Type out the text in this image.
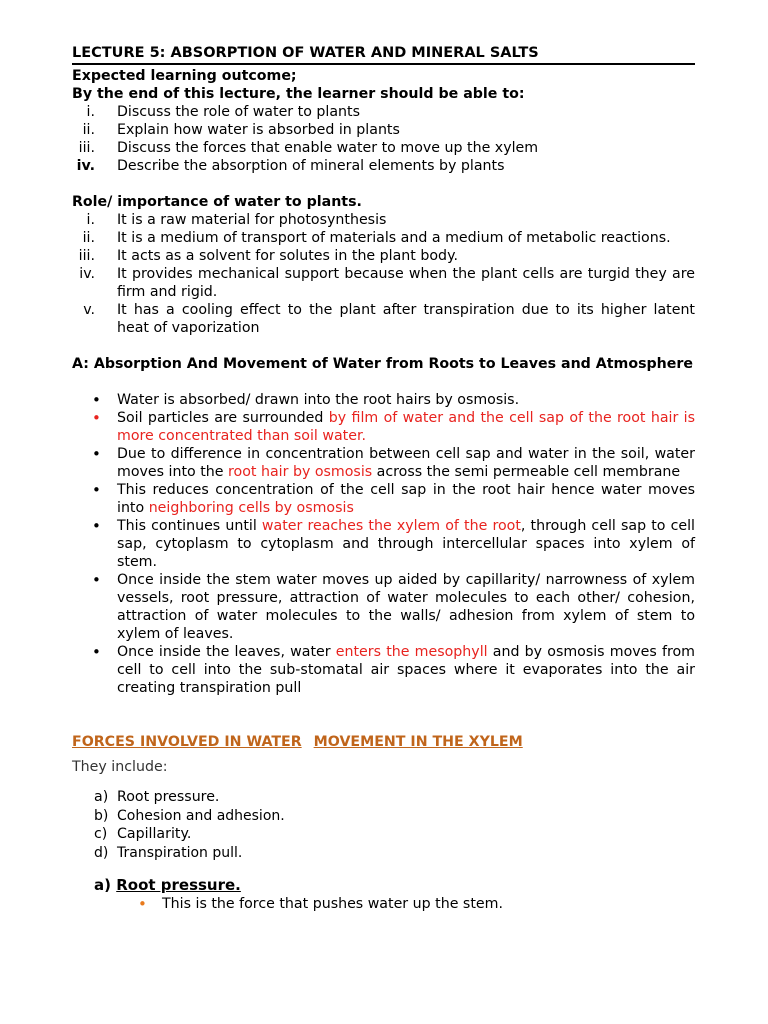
LECTURE 5: ABSORPTION OF WATER AND MINERAL SALTS
Expected learning outcome;
By the end of this lecture, the learner should be able to:
i. Discuss the role of water to plants
ii. Explain how water is absorbed in plants
iii. Discuss the forces that enable water to move up the xylem
iv. Describe the absorption of mineral elements by plants
Role/ importance of water to plants.
i. It is a raw material for photosynthesis
ii. It is a medium of transport of materials and a medium of metabolic reactions.
iii. It acts as a solvent for solutes in the plant body.
iv. It provides mechanical support because when the plant cells are turgid they are firm and rigid.
v. It has a cooling effect to the plant after transpiration due to its higher latent heat of vaporization
A: Absorption And Movement of Water from Roots to Leaves and Atmosphere
• Water is absorbed/ drawn into the root hairs by osmosis.
• Soil particles are surrounded by film of water and the cell sap of the root hair is more concentrated than soil water.
• Due to difference in concentration between cell sap and water in the soil, water moves into the root hair by osmosis across the semi permeable cell membrane
• This reduces concentration of the cell sap in the root hair hence water moves into neighboring cells by osmosis
• This continues until water reaches the xylem of the root, through cell sap to cell sap, cytoplasm to cytoplasm and through intercellular spaces into xylem of stem.
• Once inside the stem water moves up aided by capillarity/ narrowness of xylem vessels, root pressure, attraction of water molecules to each other/ cohesion, attraction of water molecules to the walls/ adhesion from xylem of stem to xylem of leaves.
• Once inside the leaves, water enters the mesophyll and by osmosis moves from cell to cell into the sub-stomatal air spaces where it evaporates into the air creating transpiration pull
FORCES INVOLVED IN WATER MOVEMENT IN THE XYLEM
They include:
a) Root pressure.
b) Cohesion and adhesion.
c) Capillarity.
d) Transpiration pull.
a) Root pressure.
• This is the force that pushes water up the stem.
